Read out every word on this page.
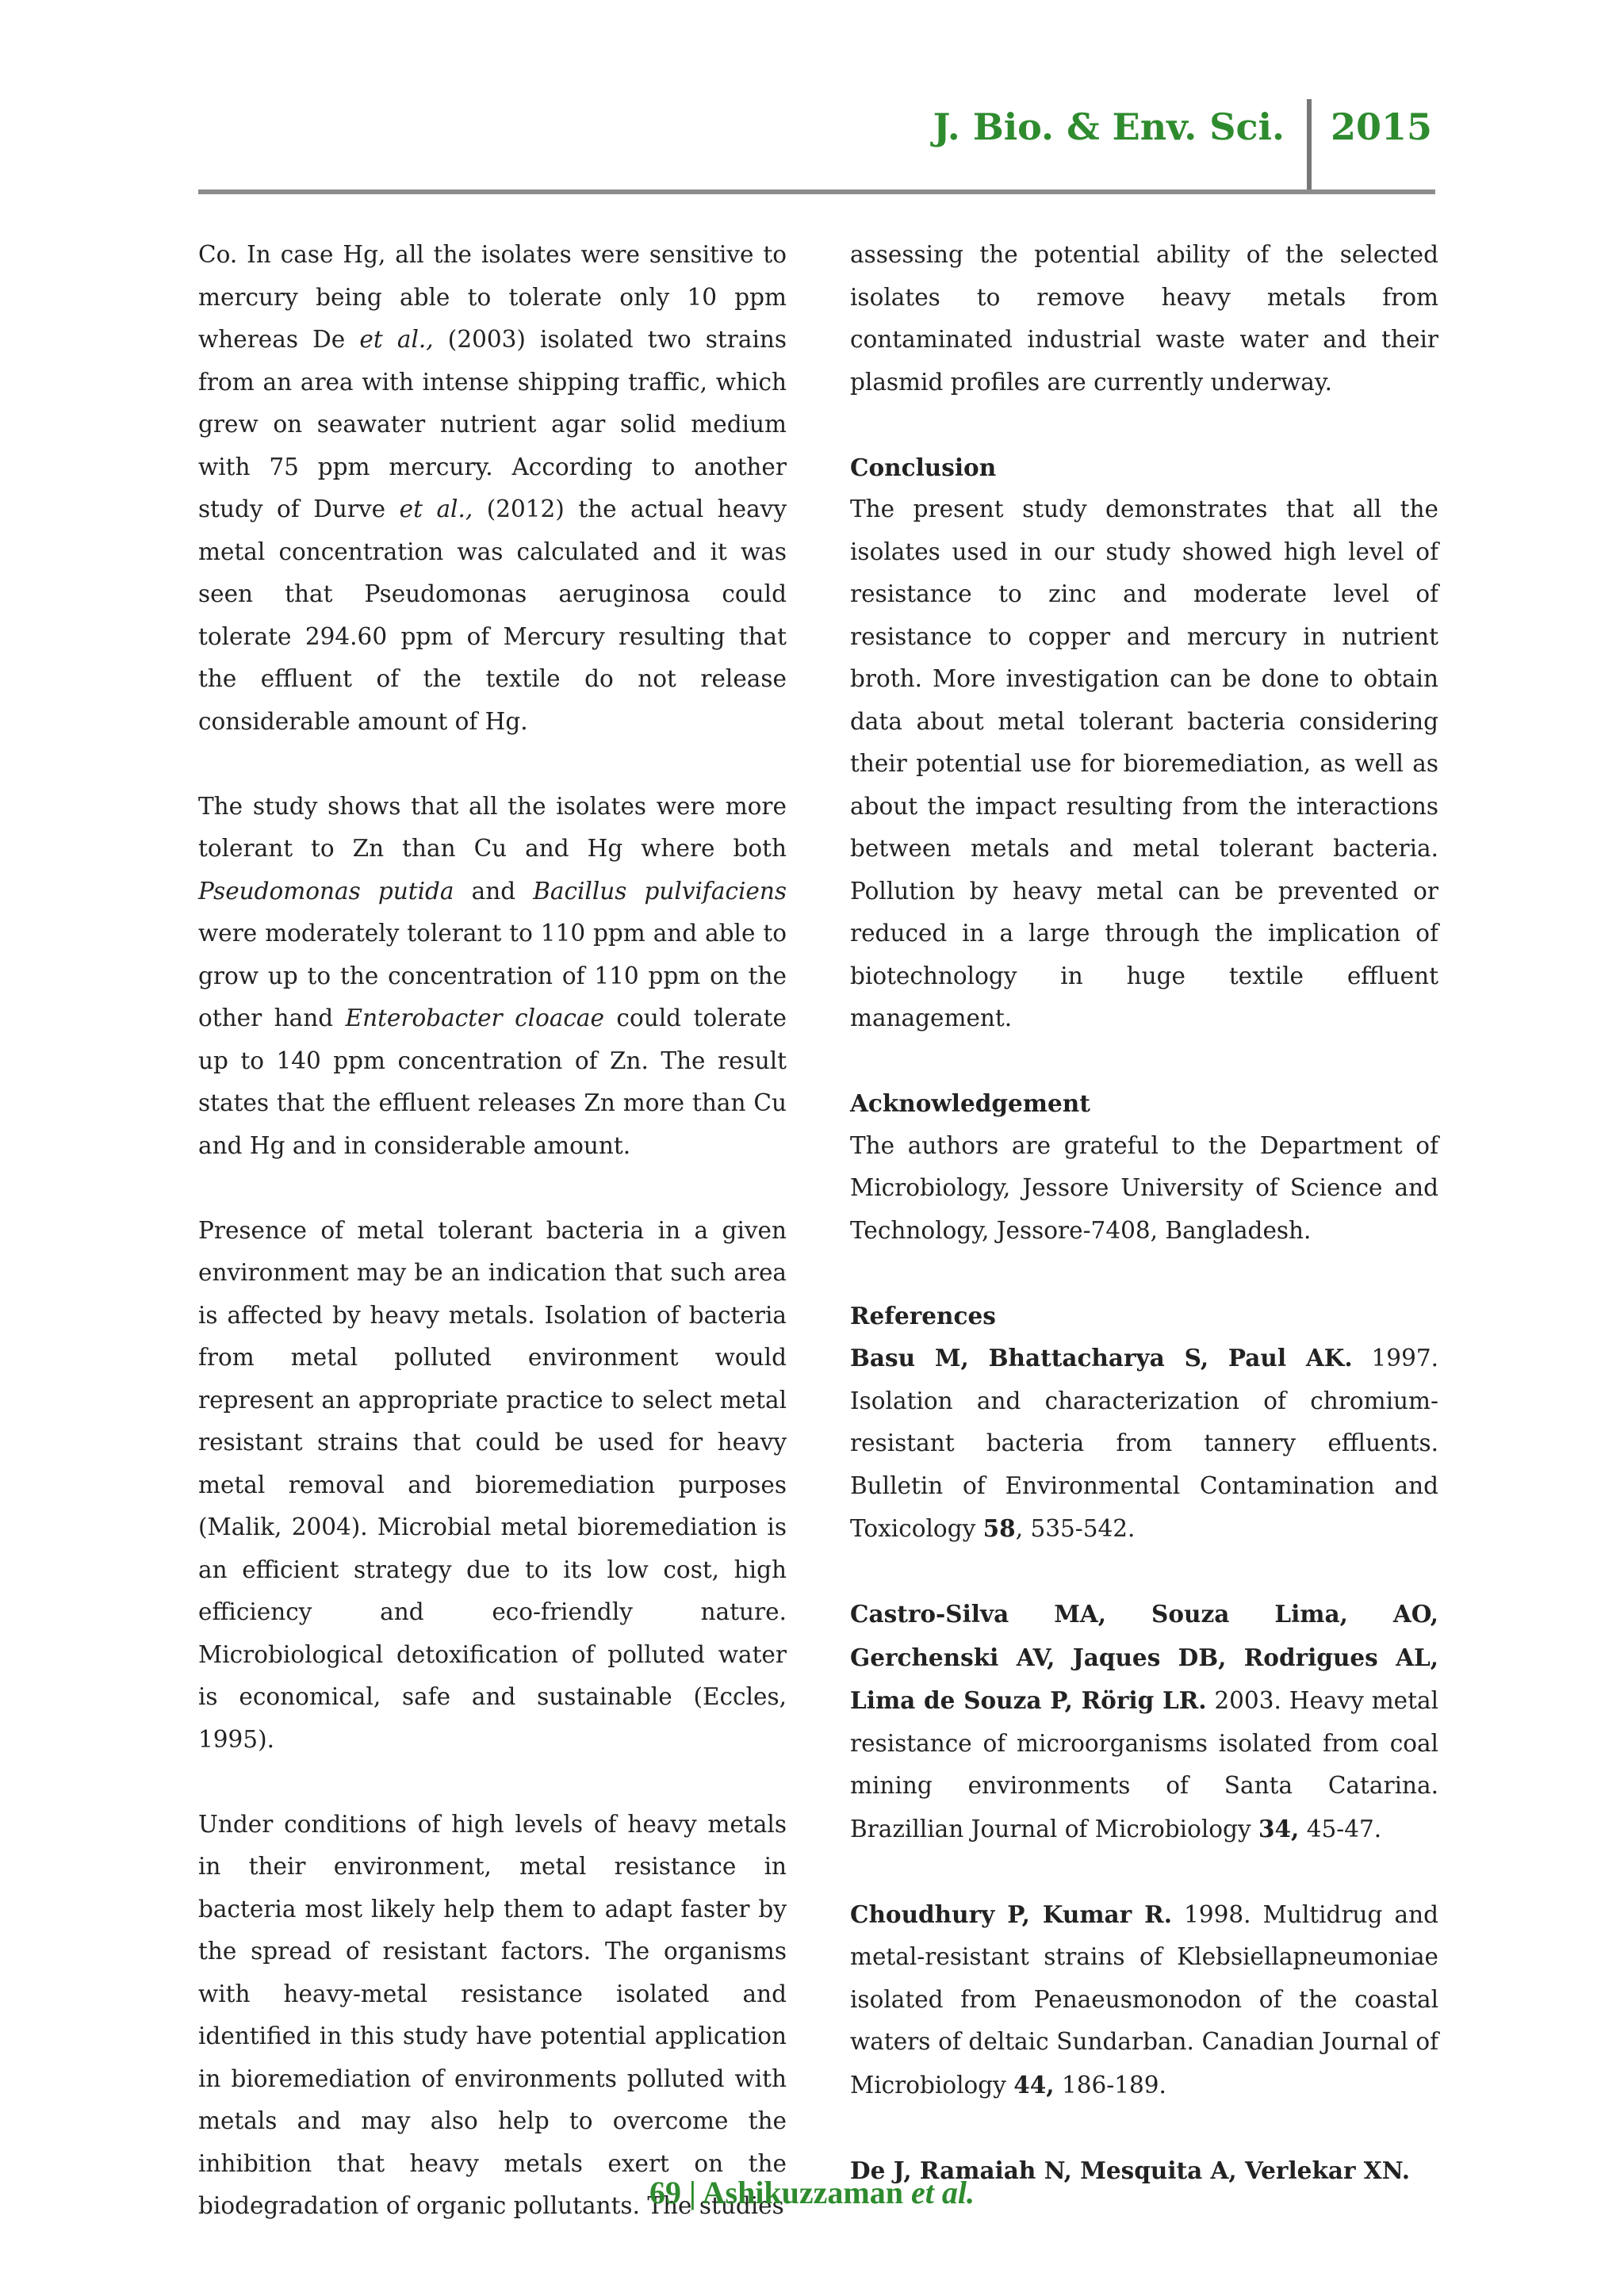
J. Bio. & Env. Sci. 2015

Co. In case Hg, all the isolates were sensitive to mercury being able to tolerate only 10 ppm whereas De et al., (2003) isolated two strains from an area with intense shipping traffic, which grew on seawater nutrient agar solid medium with 75 ppm mercury. According to another study of Durve et al., (2012) the actual heavy metal concentration was calculated and it was seen that Pseudomonas aeruginosa could tolerate 294.60 ppm of Mercury resulting that the effluent of the textile do not release considerable amount of Hg.

The study shows that all the isolates were more tolerant to Zn than Cu and Hg where both Pseudomonas putida and Bacillus pulvifaciens were moderately tolerant to 110 ppm and able to grow up to the concentration of 110 ppm on the other hand Enterobacter cloacae could tolerate up to 140 ppm concentration of Zn. The result states that the effluent releases Zn more than Cu and Hg and in considerable amount.

Presence of metal tolerant bacteria in a given environment may be an indication that such area is affected by heavy metals. Isolation of bacteria from metal polluted environment would represent an appropriate practice to select metal resistant strains that could be used for heavy metal removal and bioremediation purposes (Malik, 2004). Microbial metal bioremediation is an efficient strategy due to its low cost, high efficiency and eco-friendly nature. Microbiological detoxification of polluted water is economical, safe and sustainable (Eccles, 1995).

Under conditions of high levels of heavy metals in their environment, metal resistance in bacteria most likely help them to adapt faster by the spread of resistant factors. The organisms with heavy-metal resistance isolated and identified in this study have potential application in bioremediation of environments polluted with metals and may also help to overcome the inhibition that heavy metals exert on the biodegradation of organic pollutants. The studies

assessing the potential ability of the selected isolates to remove heavy metals from contaminated industrial waste water and their plasmid profiles are currently underway.

Conclusion

The present study demonstrates that all the isolates used in our study showed high level of resistance to zinc and moderate level of resistance to copper and mercury in nutrient broth. More investigation can be done to obtain data about metal tolerant bacteria considering their potential use for bioremediation, as well as about the impact resulting from the interactions between metals and metal tolerant bacteria. Pollution by heavy metal can be prevented or reduced in a large through the implication of biotechnology in huge textile effluent management.

Acknowledgement

The authors are grateful to the Department of Microbiology, Jessore University of Science and Technology, Jessore-7408, Bangladesh.

References
Basu M, Bhattacharya S, Paul AK. 1997. Isolation and characterization of chromium-resistant bacteria from tannery effluents. Bulletin of Environmental Contamination and Toxicology 58, 535-542.
Castro-Silva MA, Souza Lima, AO, Gerchenski AV, Jaques DB, Rodrigues AL, Lima de Souza P, Rörig LR. 2003. Heavy metal resistance of microorganisms isolated from coal mining environments of Santa Catarina. Brazillian Journal of Microbiology 34, 45-47.
Choudhury P, Kumar R. 1998. Multidrug and metal-resistant strains of Klebsiellapneumoniae isolated from Penaeusmonodon of the coastal waters of deltaic Sundarban. Canadian Journal of Microbiology 44, 186-189.
De J, Ramaiah N, Mesquita A, Verlekar XN.
69 | Ashikuzzaman et al.
